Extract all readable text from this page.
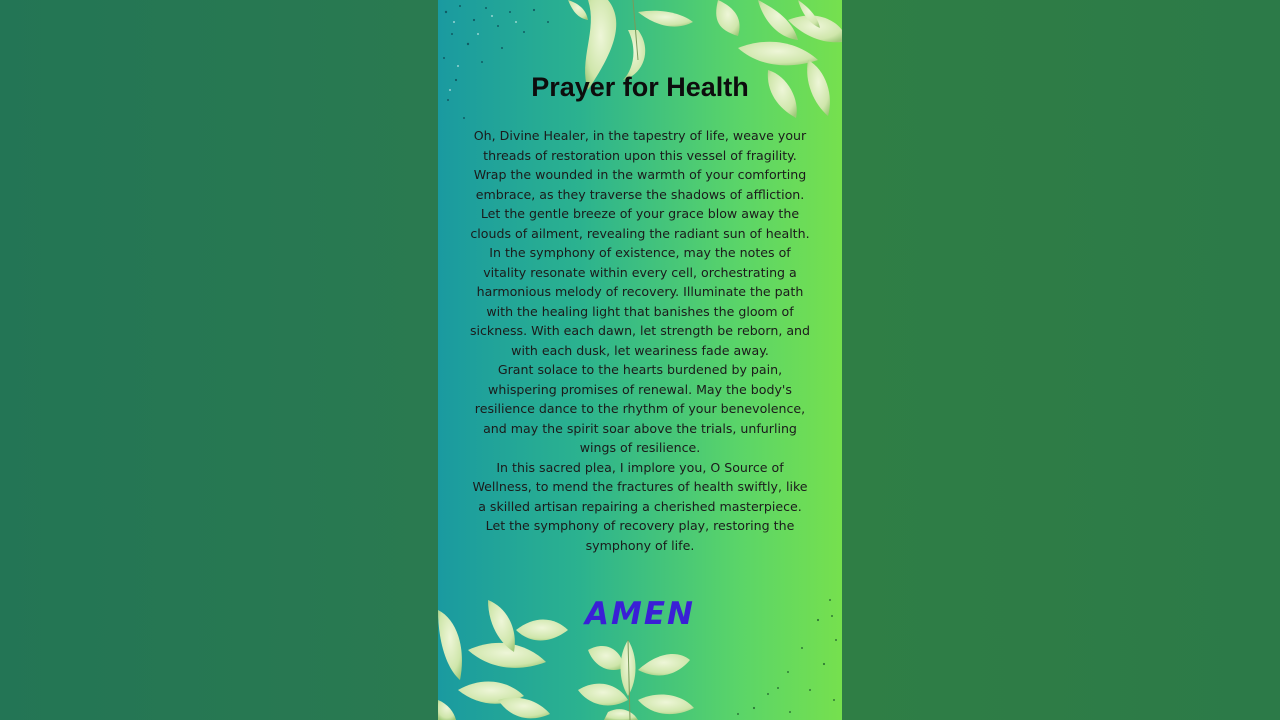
Prayer for Health

Oh, Divine Healer, in the tapestry of life, weave your threads of restoration upon this vessel of fragility. Wrap the wounded in the warmth of your comforting embrace, as they traverse the shadows of affliction. Let the gentle breeze of your grace blow away the clouds of ailment, revealing the radiant sun of health. In the symphony of existence, may the notes of vitality resonate within every cell, orchestrating a harmonious melody of recovery. Illuminate the path with the healing light that banishes the gloom of sickness. With each dawn, let strength be reborn, and with each dusk, let weariness fade away.

Grant solace to the hearts burdened by pain, whispering promises of renewal. May the body's resilience dance to the rhythm of your benevolence, and may the spirit soar above the trials, unfurling wings of resilience.

In this sacred plea, I implore you, O Source of Wellness, to mend the fractures of health swiftly, like a skilled artisan repairing a cherished masterpiece. Let the symphony of recovery play, restoring the symphony of life.

AMEN
